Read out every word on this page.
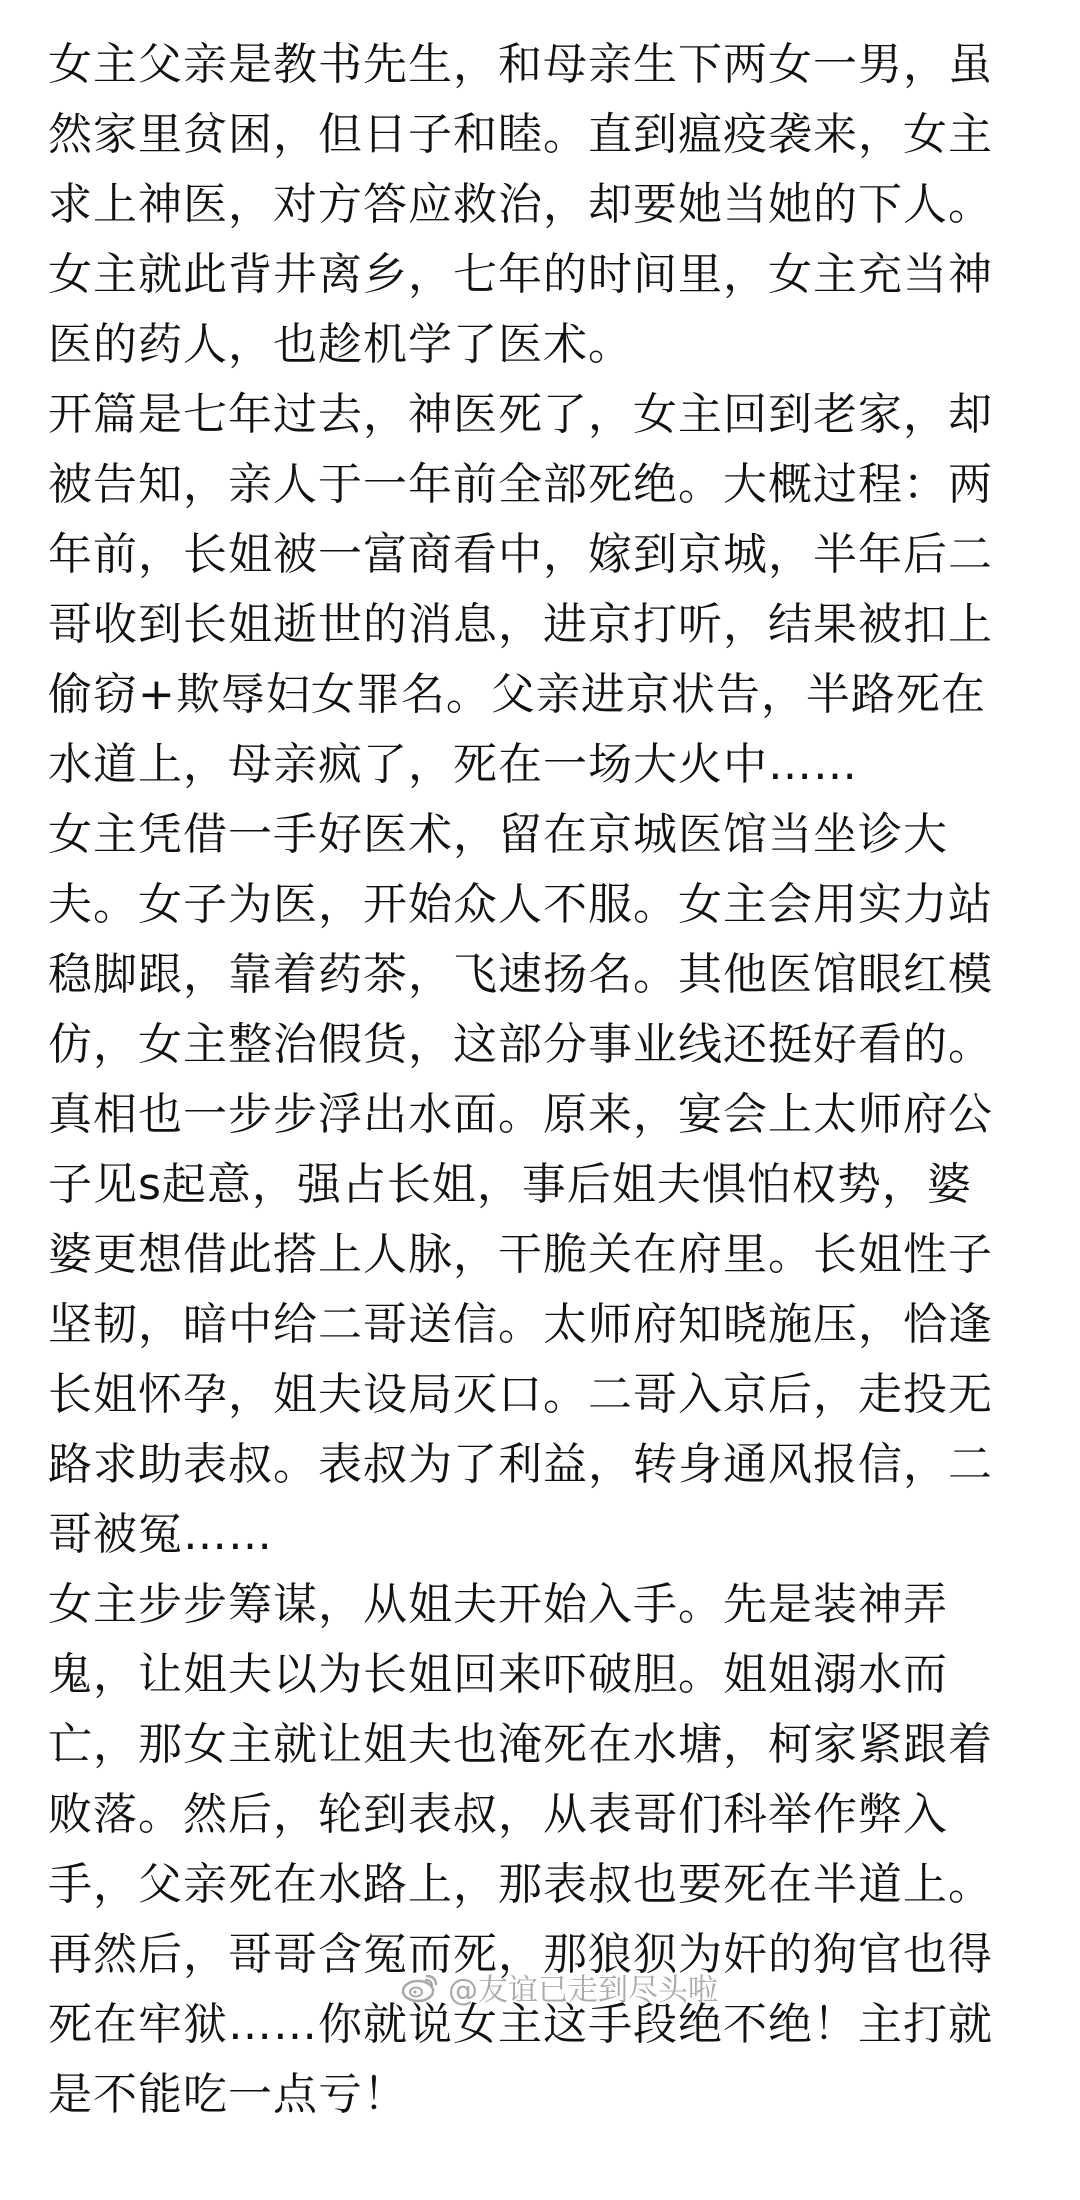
女主父亲是教书先生，和母亲生下两女一男，虽
然家里贫困，但日子和睦。直到瘟疫袭来，女主
求上神医，对方答应救治，却要她当她的下人。
女主就此背井离乡，七年的时间里，女主充当神
医的药人，也趁机学了医术。
开篇是七年过去，神医死了，女主回到老家，却
被告知，亲人于一年前全部死绝。大概过程：两
年前，长姐被一富商看中，嫁到京城，半年后二
哥收到长姐逝世的消息，进京打听，结果被扣上
偷窃+欺辱妇女罪名。父亲进京状告，半路死在
水道上，母亲疯了，死在一场大火中……
女主凭借一手好医术，留在京城医馆当坐诊大
夫。女子为医，开始众人不服。女主会用实力站
稳脚跟，靠着药茶，飞速扬名。其他医馆眼红模
仿，女主整治假货，这部分事业线还挺好看的。
真相也一步步浮出水面。原来，宴会上太师府公
子见s起意，强占长姐，事后姐夫惧怕权势，婆
婆更想借此搭上人脉，干脆关在府里。长姐性子
坚韧，暗中给二哥送信。太师府知晓施压，恰逢
长姐怀孕，姐夫设局灭口。二哥入京后，走投无
路求助表叔。表叔为了利益，转身通风报信，二
哥被冤……
女主步步筹谋，从姐夫开始入手。先是装神弄
鬼，让姐夫以为长姐回来吓破胆。姐姐溺水而
亡，那女主就让姐夫也淹死在水塘，柯家紧跟着
败落。然后，轮到表叔，从表哥们科举作弊入
手，父亲死在水路上，那表叔也要死在半道上。
再然后，哥哥含冤而死，那狼狈为奸的狗官也得
死在牢狱……你就说女主这手段绝不绝！主打就
是不能吃一点亏！
@友谊已走到尽头啦
